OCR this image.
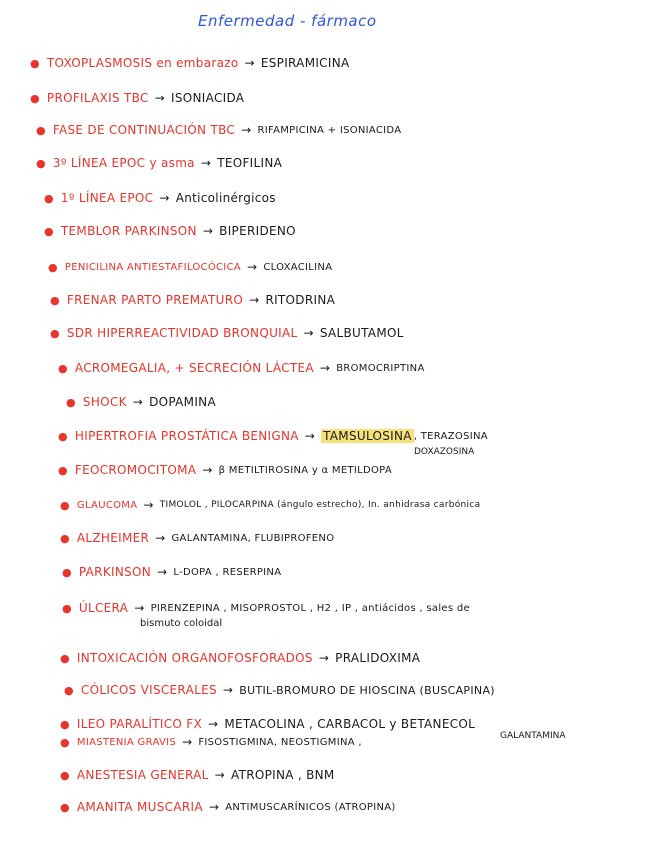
Enfermedad - fármaco
● TOXOPLASMOSIS en embarazo → ESPIRAMICINA
● PROFILAXIS TBC → ISONIACIDA
● FASE DE CONTINUACIÓN TBC → RIFAMPICINA + ISONIACIDA
● 3º LÍNEA EPOC y asma → TEOFILINA
● 1º LÍNEA EPOC → Anticolinérgicos
● TEMBLOR PARKINSON → BIPERIDENO
● PENICILINA ANTIESTAFILOCÓCICA → CLOXACILINA
● FRENAR PARTO PREMATURO → RITODRINA
● SDR HIPERREACTIVIDAD BRONQUIAL → SALBUTAMOL
● ACROMEGALIA, + SECRECIÓN LÁCTEA → BROMOCRIPTINA
● SHOCK → DOPAMINA
● HIPERTROFIA PROSTÁTICA BENIGNA → TAMSULOSINA , TERAZOSINA
DOXAZOSINA
● FEOCROMOCITOMA → β METILTIROSINA y α METILDOPA
● GLAUCOMA → TIMOLOL , PILOCARPINA (ángulo estrecho), In. anhidrasa carbónica
● ALZHEIMER → GALANTAMINA, FLUBIPROFENO
● PARKINSON → L-DOPA , RESERPINA
● ÚLCERA → PIRENZEPINA , MISOPROSTOL , H2 , IP , antiácidos , sales de
bismuto coloidal
● INTOXICACIÓN ORGANOFOSFORADOS → PRALIDOXIMA
● CÓLICOS VISCERALES → BUTIL-BROMURO DE HIOSCINA (BUSCAPINA)
● ILEO PARALÍTICO FX → METACOLINA , CARBACOL y BETANECOL
● MIASTENIA GRAVIS → FISOSTIGMINA, NEOSTIGMINA ,
GALANTAMINA
● ANESTESIA GENERAL → ATROPINA , BNM
● AMANITA MUSCARIA → ANTIMUSCARÍNICOS (ATROPINA)
